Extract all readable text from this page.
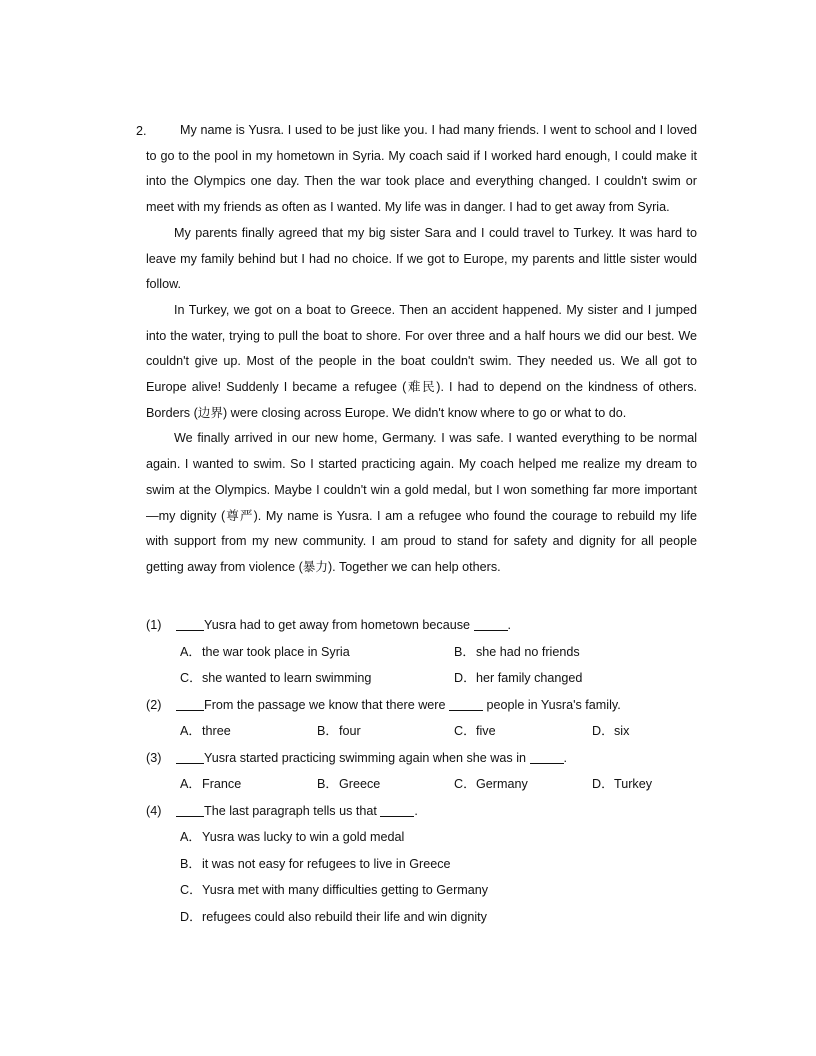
2.	My name is Yusra. I used to be just like you. I had many friends. I went to school and I loved to go to the pool in my hometown in Syria. My coach said if I worked hard enough, I could make it into the Olympics one day. Then the war took place and everything changed. I couldn't swim or meet with my friends as often as I wanted. My life was in danger. I had to get away from Syria.

My parents finally agreed that my big sister Sara and I could travel to Turkey. It was hard to leave my family behind but I had no choice. If we got to Europe, my parents and little sister would follow.

In Turkey, we got on a boat to Greece. Then an accident happened. My sister and I jumped into the water, trying to pull the boat to shore. For over three and a half hours we did our best. We couldn't give up. Most of the people in the boat couldn't swim. They needed us. We all got to Europe alive! Suddenly I became a refugee (难民). I had to depend on the kindness of others. Borders (边界) were closing across Europe. We didn't know where to go or what to do.

We finally arrived in our new home, Germany. I was safe. I wanted everything to be normal again. I wanted to swim. So I started practicing again. My coach helped me realize my dream to swim at the Olympics. Maybe I couldn't win a gold medal, but I won something far more important—my dignity (尊严). My name is Yusra. I am a refugee who found the courage to rebuild my life with support from my new community. I am proud to stand for safety and dignity for all people getting away from violence (暴力). Together we can help others.

(1)	Yusra had to get away from hometown because	.
A．the war took place in Syria	B．she had no friends
C．she wanted to learn swimming	D．her family changed
(2)	From the passage we know that there were	people in Yusra's family.
A．three	B．four	C．five	D．six
(3)	Yusra started practicing swimming again when she was in	.
A．France	B．Greece	C．Germany	D．Turkey
(4)	The last paragraph tells us that	.
A．Yusra was lucky to win a gold medal
B．it was not easy for refugees to live in Greece
C．Yusra met with many difficulties getting to Germany
D．refugees could also rebuild their life and win dignity
